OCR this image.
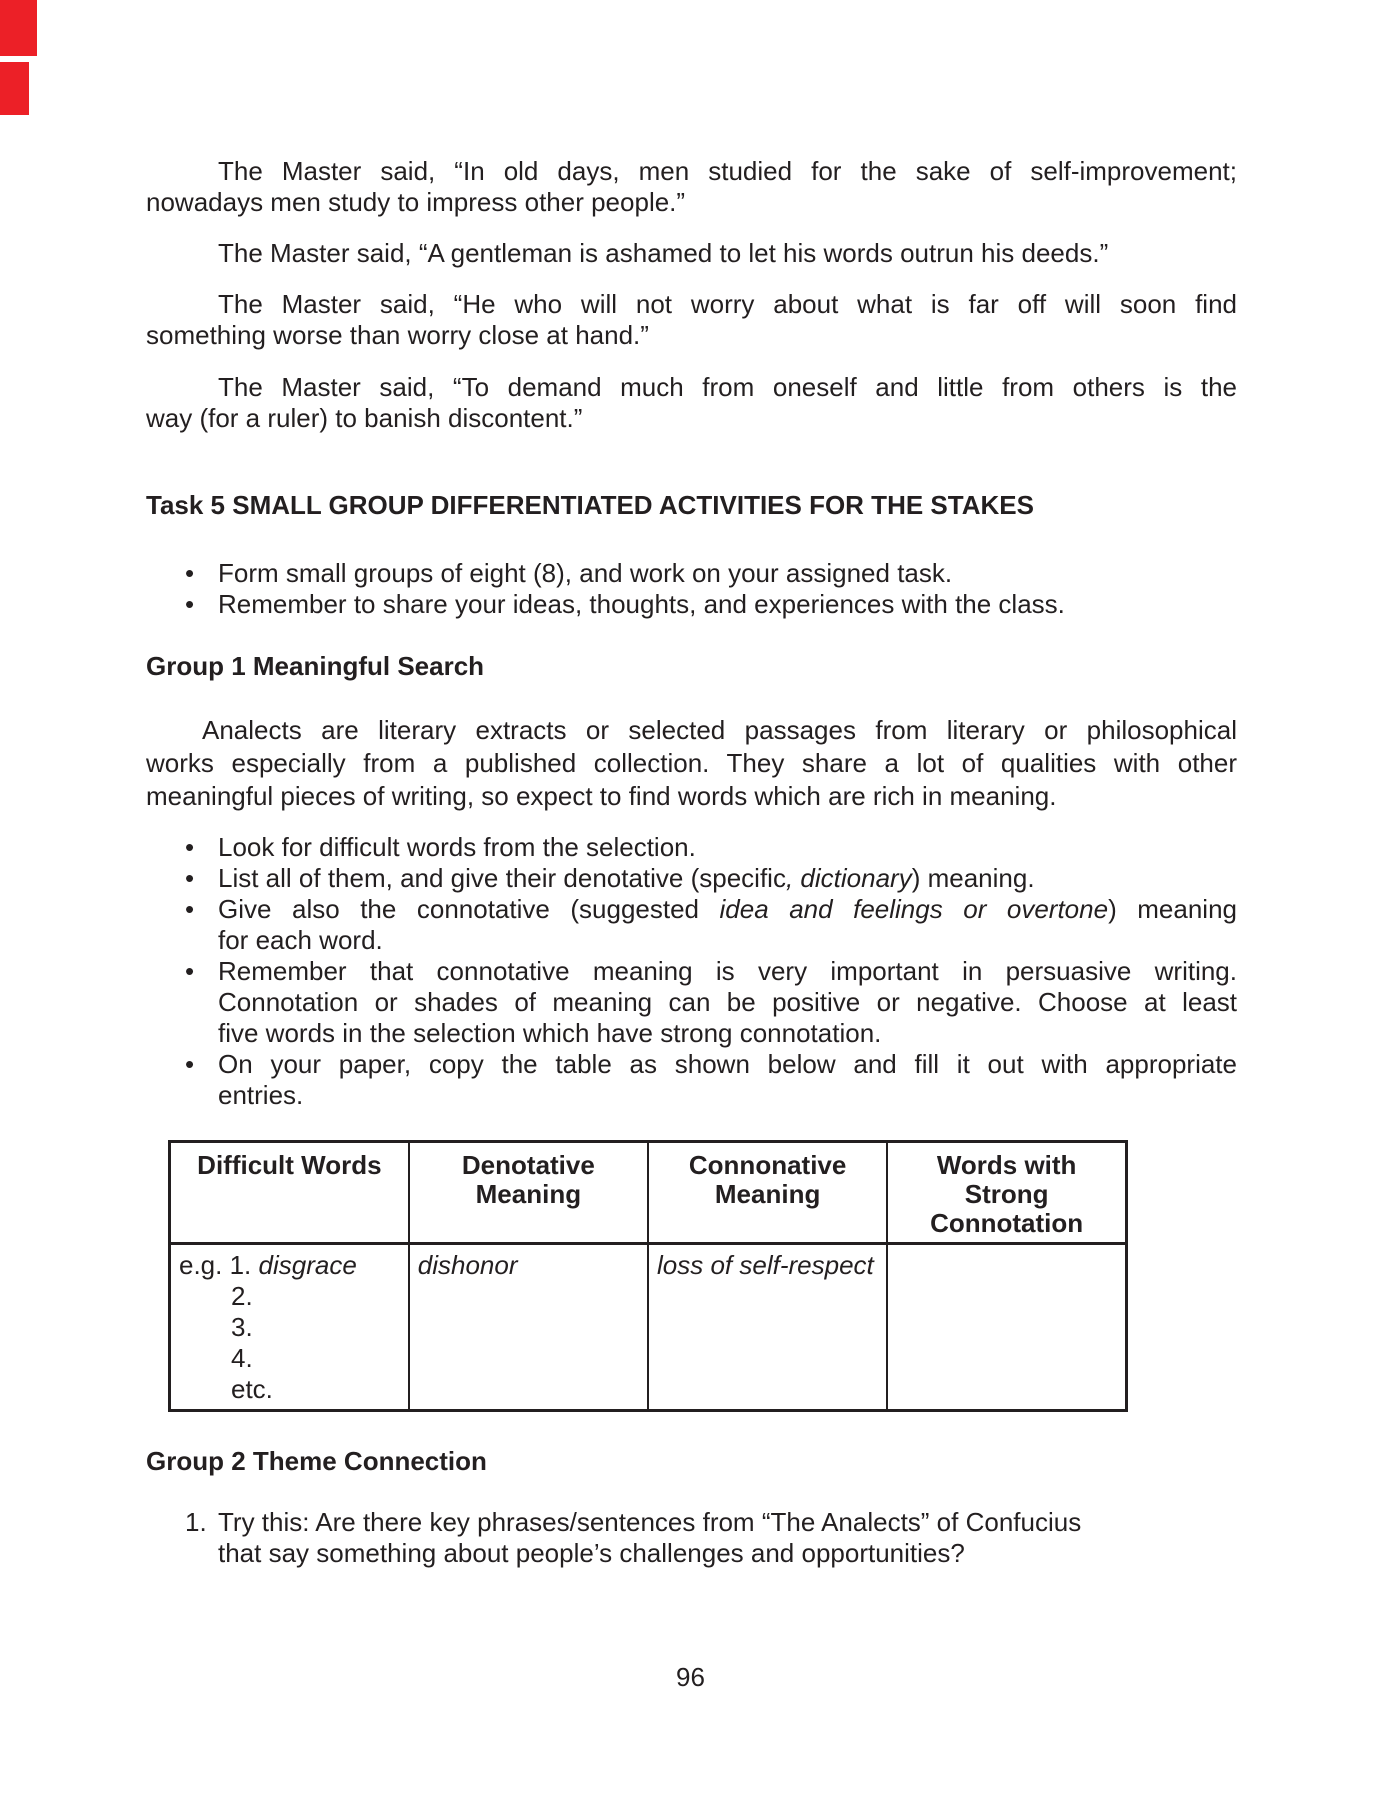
The Master said, “In old days, men studied for the sake of self-improvement;
nowadays men study to impress other people.”

The Master said, “A gentleman is ashamed to let his words outrun his deeds.”

The Master said, “He who will not worry about what is far off will soon find
something worse than worry close at hand.”

The Master said, “To demand much from oneself and little from others is the
way (for a ruler) to banish discontent.”

Task 5 SMALL GROUP DIFFERENTIATED ACTIVITIES FOR THE STAKES
• Form small groups of eight (8), and work on your assigned task.
• Remember to share your ideas, thoughts, and experiences with the class.
Group 1 Meaningful Search

Analects are literary extracts or selected passages from literary or philosophical
works especially from a published collection. They share a lot of qualities with other
meaningful pieces of writing, so expect to find words which are rich in meaning.

• Look for difficult words from the selection.
• List all of them, and give their denotative (specific, dictionary) meaning.
• Give also the connotative (suggested idea and feelings or overtone) meaning
for each word.
• Remember that connotative meaning is very important in persuasive writing.
Connotation or shades of meaning can be positive or negative. Choose at least
five words in the selection which have strong connotation.
• On your paper, copy the table as shown below and fill it out with appropriate
entries.
Difficult Words	Denotative Meaning	Connonative Meaning	Words with Strong Connotation

e.g. 1. disgrace
2.
3.
4.
etc.	dishonor	loss of self-respect	
Group 2 Theme Connection
1. Try this: Are there key phrases/sentences from “The Analects” of Confucius
that say something about people’s challenges and opportunities?
96
